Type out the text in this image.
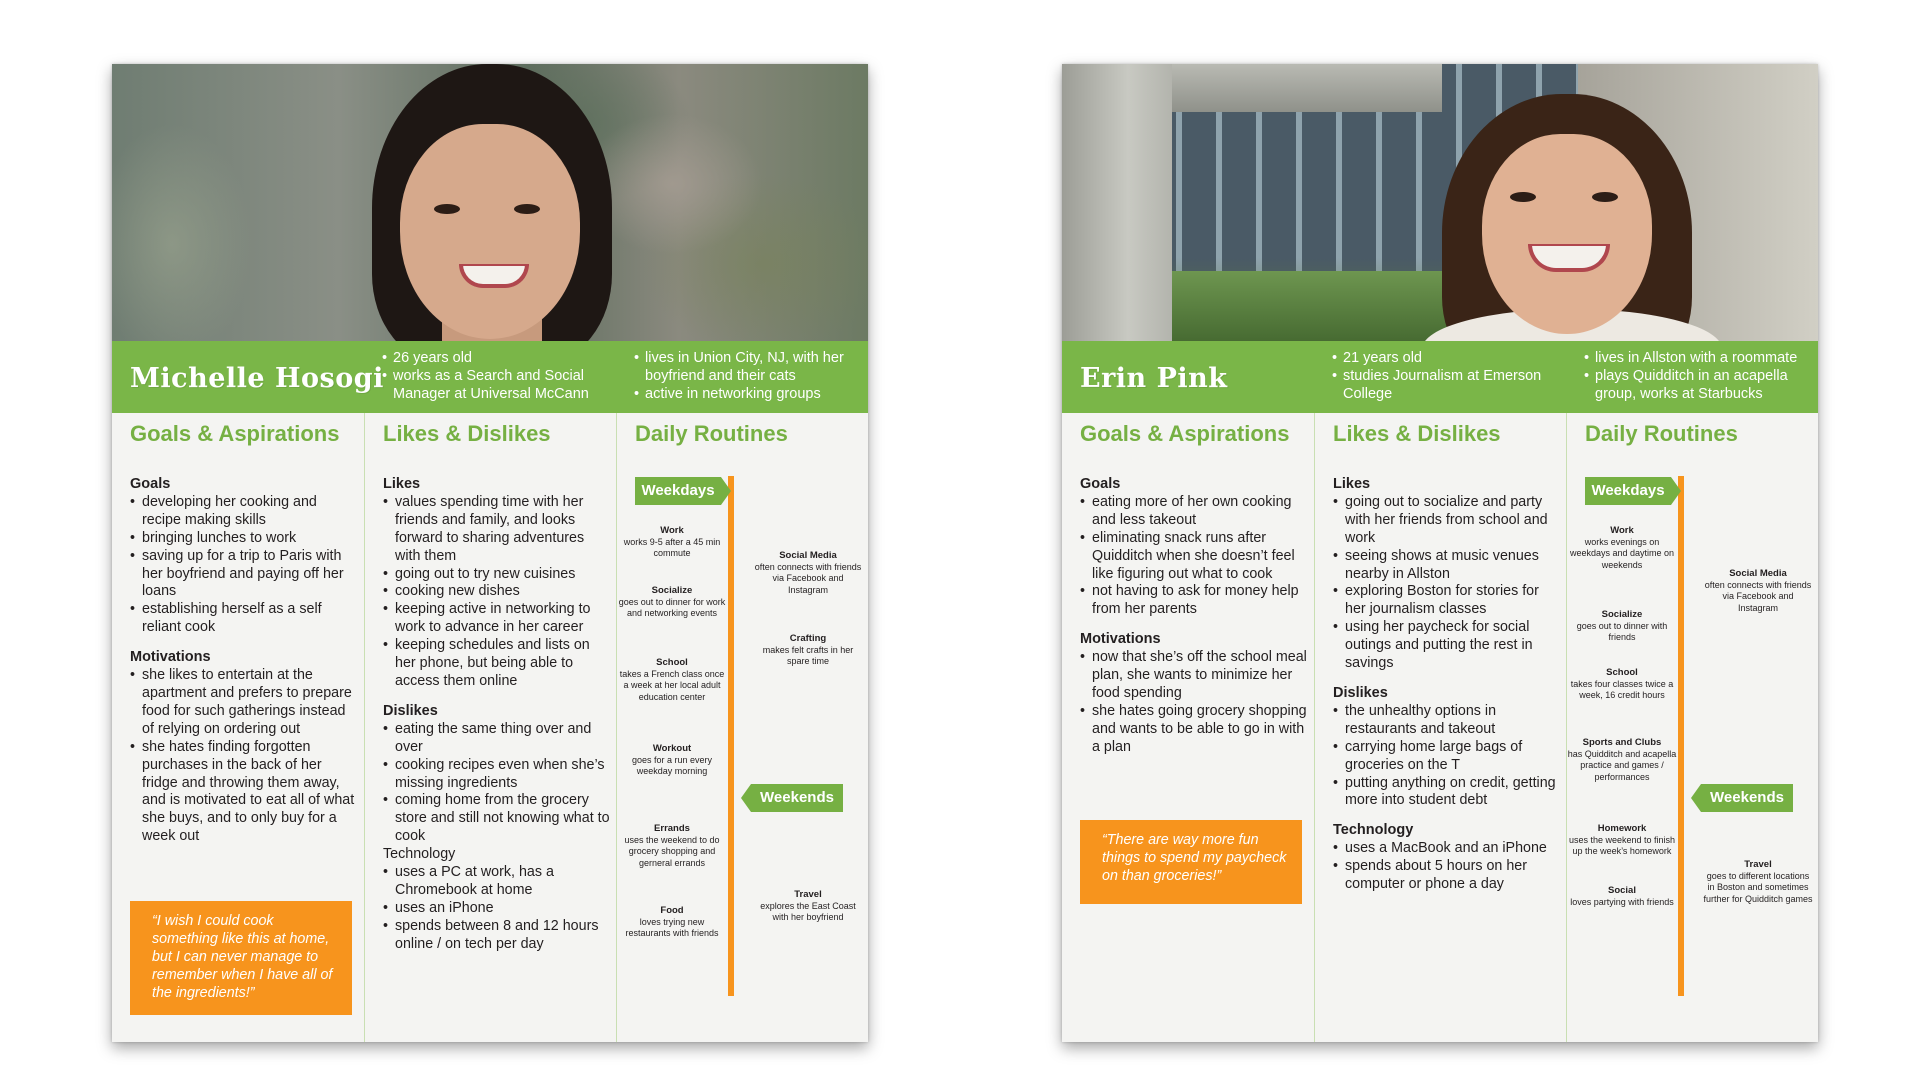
Michelle Hosogi
• 26 years old
• works as a Search and Social Manager at Universal McCann
• lives in Union City, NJ, with her boyfriend and their cats
• active in networking groups
Goals & Aspirations
Goals
• developing her cooking and recipe making skills
• bringing lunches to work
• saving up for a trip to Paris with her boyfriend and paying off her loans
• establishing herself as a self reliant cook
Motivations
• she likes to entertain at the apartment and prefers to prepare food for such gatherings instead of relying on ordering out
• she hates finding forgotten purchases in the back of her fridge and throwing them away, and is motivated to eat all of what she buys, and to only buy for a week out
“I wish I could cook something like this at home, but I can never manage to remember when I have all of the ingredients!”
Likes & Dislikes
Likes
• values spending time with her friends and family, and looks forward to sharing adventures with them
• going out to try new cuisines
• cooking new dishes
• keeping active in networking to work to advance in her career
• keeping schedules and lists on her phone, but being able to access them online
Dislikes
• eating the same thing over and over
• cooking recipes even when she’s missing ingredients
• coming home from the grocery store and still not knowing what to cook
Technology
• uses a PC at work, has a Chromebook at home
• uses an iPhone
• spends between 8 and 12 hours online / on tech per day
Daily Routines
Weekdays
Weekends
Work
works 9-5 after a 45 min commute
Socialize
goes out to dinner for work and networking events
School
takes a French class once a week at her local adult education center
Workout
goes for a run every weekday morning
Errands
uses the weekend to do grocery shopping and gerneral errands
Food
loves trying new restaurants with friends
Social Media
often connects with friends via Facebook and Instagram
Crafting
makes felt crafts in her spare time
Travel
explores the East Coast with her boyfriend
Erin Pink
• 21 years old
• studies Journalism at Emerson College
• lives in Allston with a roommate
• plays Quidditch in an acapella group, works at Starbucks
Goals & Aspirations
Goals
• eating more of her own cooking and less takeout
• eliminating snack runs after Quidditch when she doesn’t feel like figuring out what to cook
• not having to ask for money help from her parents
Motivations
• now that she’s off the school meal plan, she wants to minimize her food spending
• she hates going grocery shopping and wants to be able to go in with a plan
“There are way more fun things to spend my paycheck on than groceries!”
Likes & Dislikes
Likes
• going out to socialize and party with her friends from school and work
• seeing shows at music venues nearby in Allston
• exploring Boston for stories for her journalism classes
• using her paycheck for social outings and putting the rest in savings
Dislikes
• the unhealthy options in restaurants and takeout
• carrying home large bags of groceries on the T
• putting anything on credit, getting more into student debt
Technology
• uses a MacBook and an iPhone
• spends about 5 hours on her computer or phone a day
Daily Routines
Weekdays
Weekends
Work
works evenings on weekdays and daytime on weekends
Socialize
goes out to dinner with friends
School
takes four classes twice a week, 16 credit hours
Sports and Clubs
has Quidditch and acapella practice and games / performances
Homework
uses the weekend to finish up the week’s homework
Social
loves partying with friends
Social Media
often connects with friends via Facebook and Instagram
Travel
goes to different locations in Boston and sometimes further for Quidditch games
